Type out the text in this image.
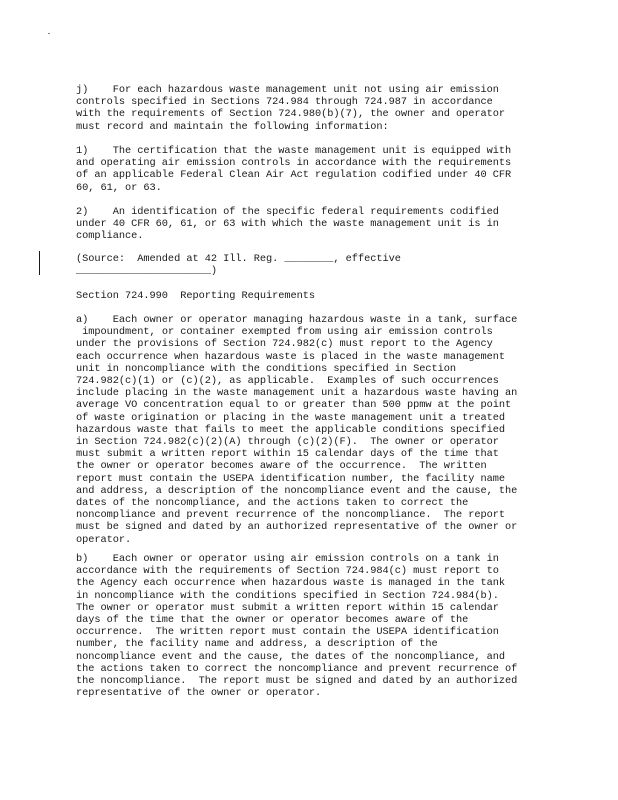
j)    For each hazardous waste management unit not using air emission
controls specified in Sections 724.984 through 724.987 in accordance
with the requirements of Section 724.980(b)(7), the owner and operator
must record and maintain the following information:
1)    The certification that the waste management unit is equipped with
and operating air emission controls in accordance with the requirements
of an applicable Federal Clean Air Act regulation codified under 40 CFR
60, 61, or 63.
2)    An identification of the specific federal requirements codified
under 40 CFR 60, 61, or 63 with which the waste management unit is in
compliance.
(Source:  Amended at 42 Ill. Reg. ________, effective
______________________)
Section 724.990  Reporting Requirements
a)    Each owner or operator managing hazardous waste in a tank, surface
impoundment, or container exempted from using air emission controls
under the provisions of Section 724.982(c) must report to the Agency
each occurrence when hazardous waste is placed in the waste management
unit in noncompliance with the conditions specified in Section
724.982(c)(1) or (c)(2), as applicable.  Examples of such occurrences
include placing in the waste management unit a hazardous waste having an
average VO concentration equal to or greater than 500 ppmw at the point
of waste origination or placing in the waste management unit a treated
hazardous waste that fails to meet the applicable conditions specified
in Section 724.982(c)(2)(A) through (c)(2)(F).  The owner or operator
must submit a written report within 15 calendar days of the time that
the owner or operator becomes aware of the occurrence.  The written
report must contain the USEPA identification number, the facility name
and address, a description of the noncompliance event and the cause, the
dates of the noncompliance, and the actions taken to correct the
noncompliance and prevent recurrence of the noncompliance.  The report
must be signed and dated by an authorized representative of the owner or
operator.
b)    Each owner or operator using air emission controls on a tank in
accordance with the requirements of Section 724.984(c) must report to
the Agency each occurrence when hazardous waste is managed in the tank
in noncompliance with the conditions specified in Section 724.984(b).
The owner or operator must submit a written report within 15 calendar
days of the time that the owner or operator becomes aware of the
occurrence.  The written report must contain the USEPA identification
number, the facility name and address, a description of the
noncompliance event and the cause, the dates of the noncompliance, and
the actions taken to correct the noncompliance and prevent recurrence of
the noncompliance.  The report must be signed and dated by an authorized
representative of the owner or operator.
